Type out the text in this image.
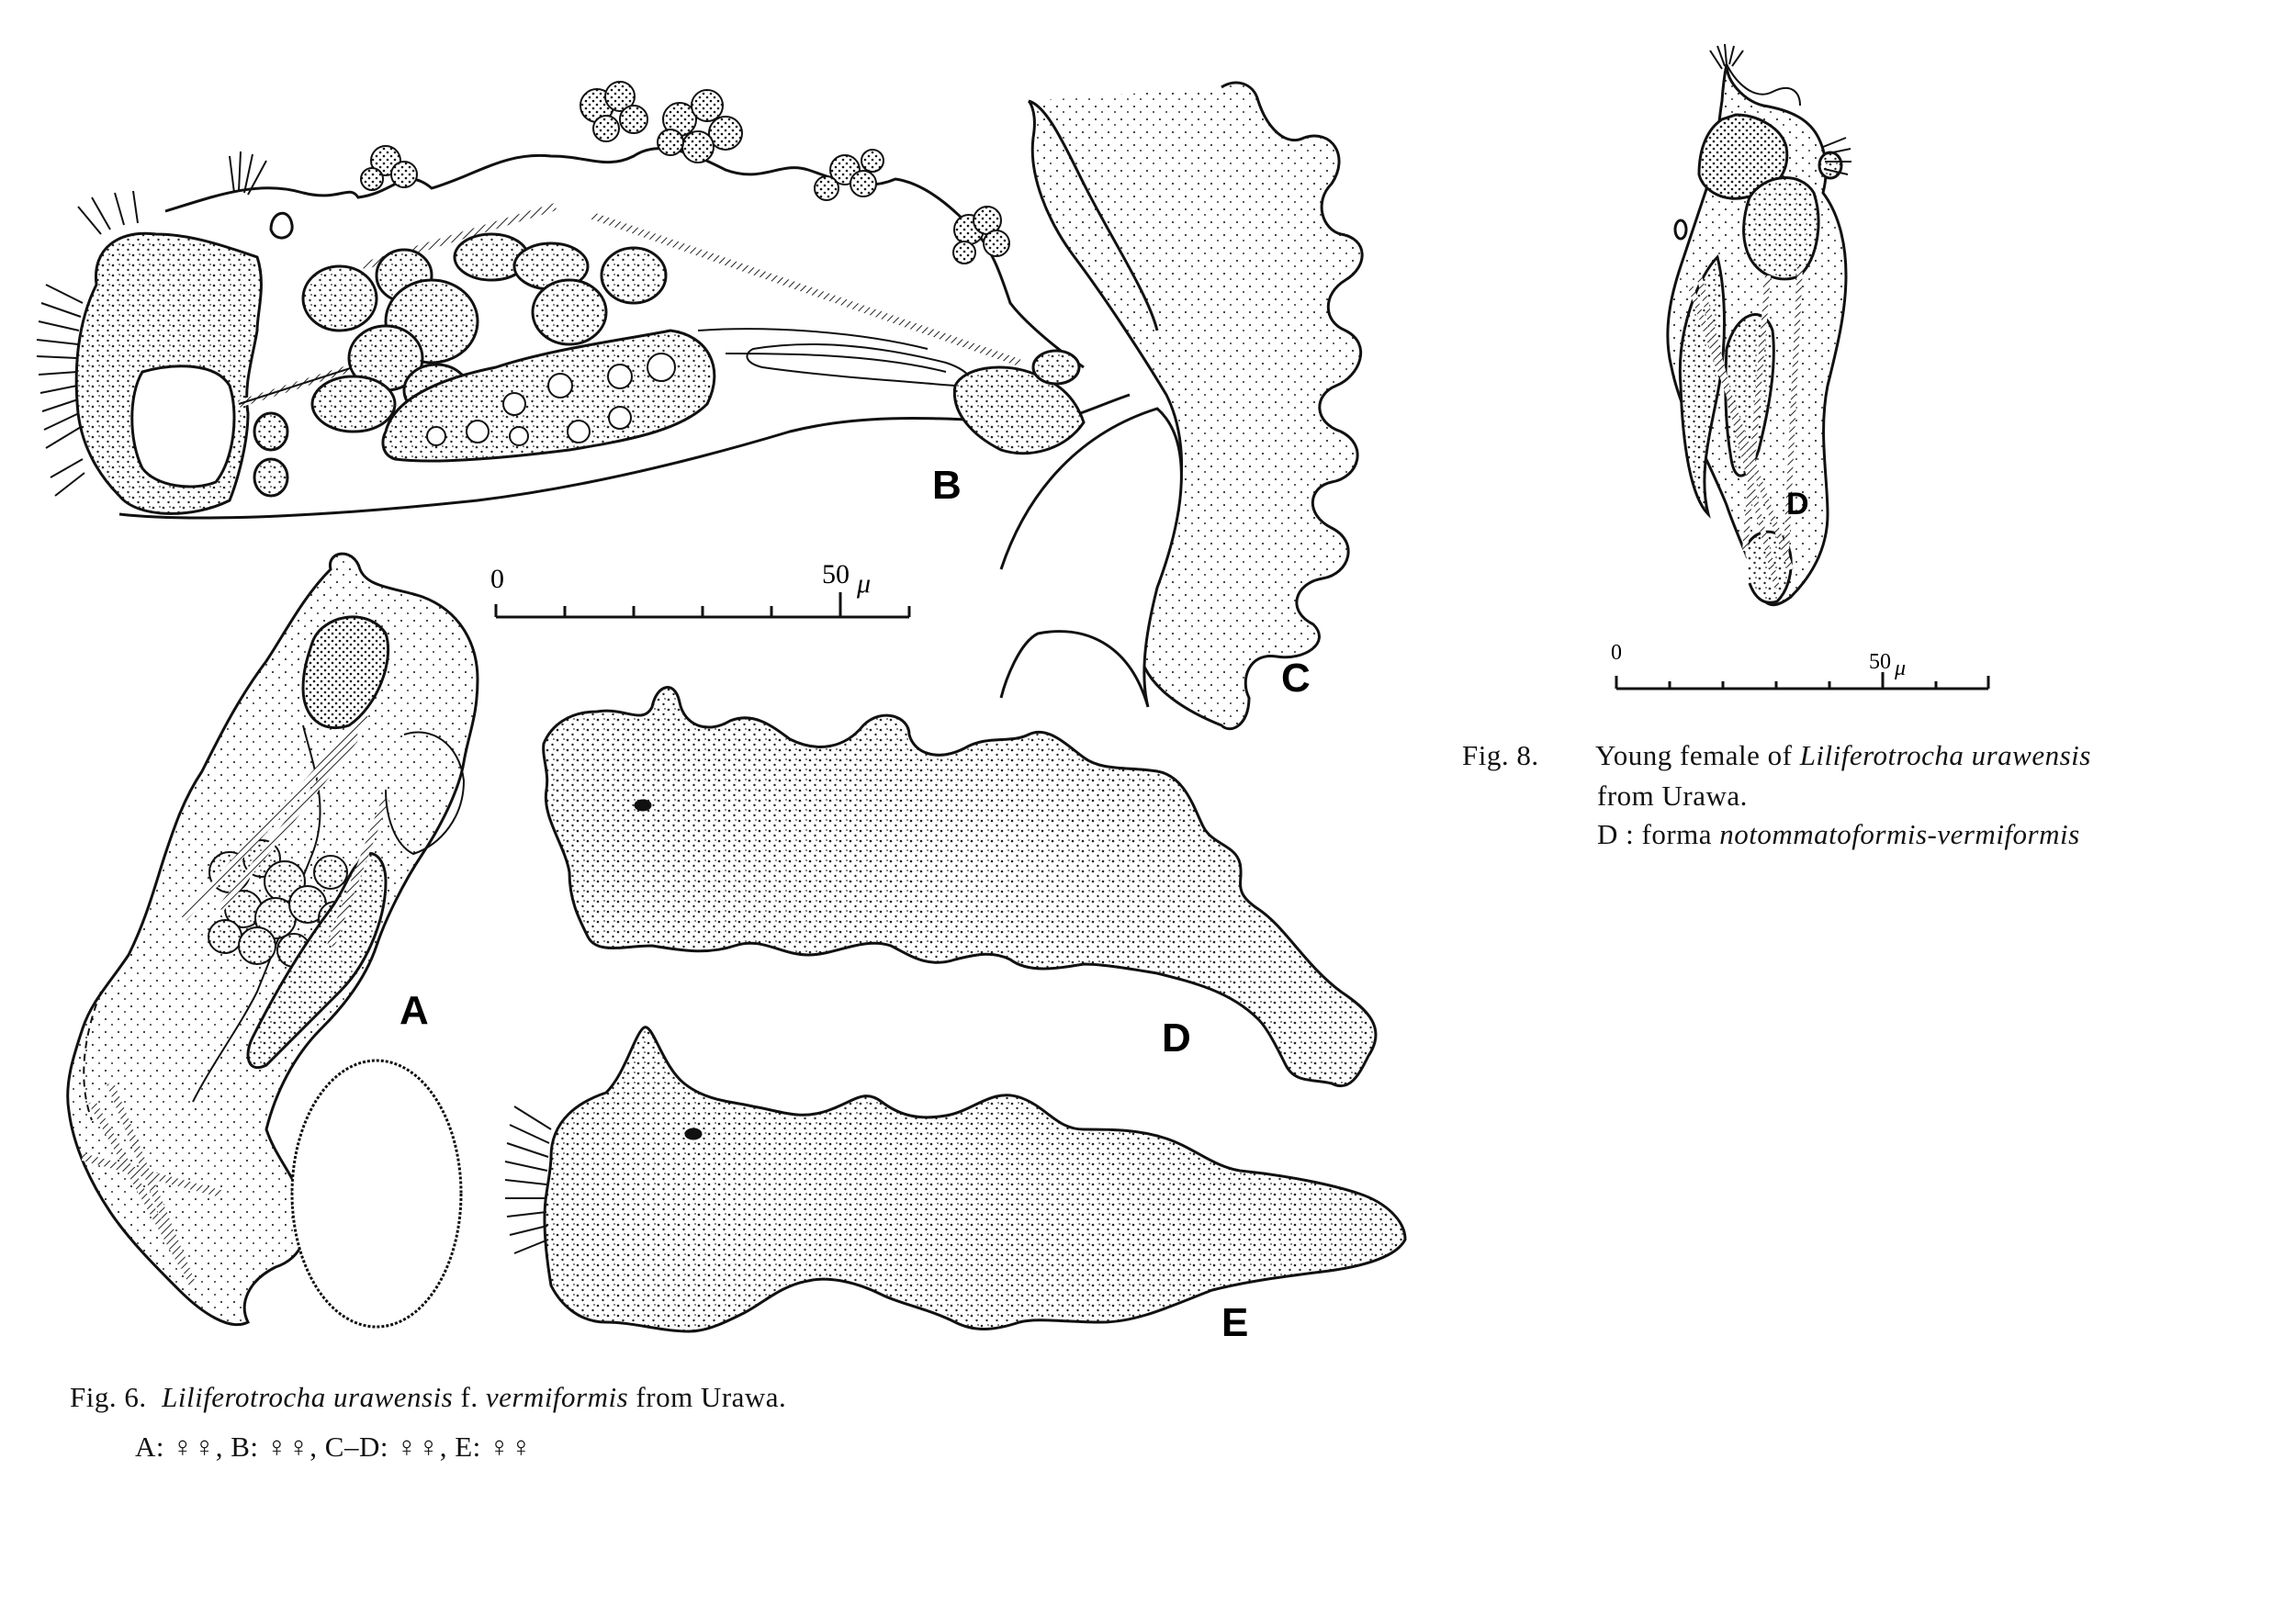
B
C
A
D
E
D
0	50 μ
0	50 μ
Fig. 6. Liliferotrocha urawensis f. vermiformis from Urawa.
A: ♀♀, B: ♀♀, C–D: ♀♀, E: ♀♀
Fig. 8. Young female of Liliferotrocha urawensis
from Urawa.
D : forma notommatoformis-vermiformis
